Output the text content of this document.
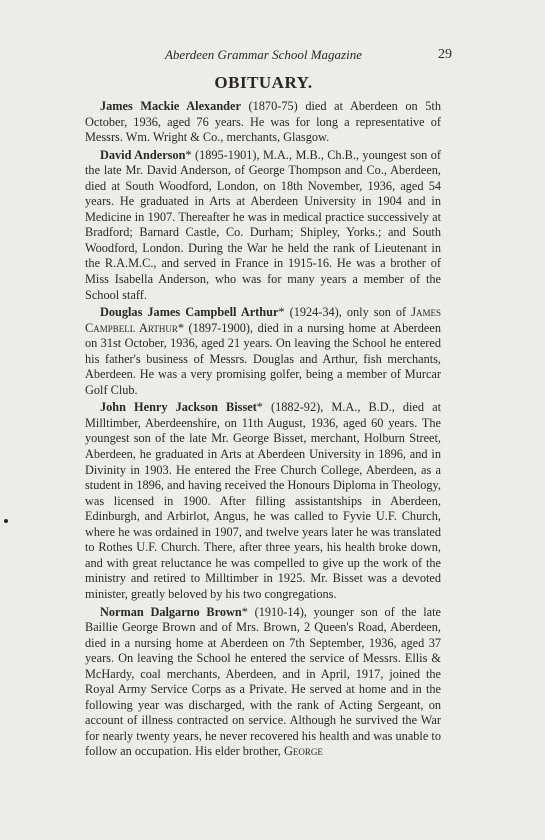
Aberdeen Grammar School Magazine	29
OBITUARY.

James Mackie Alexander (1870-75) died at Aberdeen on 5th October, 1936, aged 76 years. He was for long a representative of Messrs. Wm. Wright & Co., merchants, Glasgow.

David Anderson* (1895-1901), M.A., M.B., Ch.B., youngest son of the late Mr. David Anderson, of George Thompson and Co., Aberdeen, died at South Woodford, London, on 18th November, 1936, aged 54 years. He graduated in Arts at Aberdeen University in 1904 and in Medicine in 1907. Thereafter he was in medical practice successively at Bradford; Barnard Castle, Co. Durham; Shipley, Yorks.; and South Woodford, London. During the War he held the rank of Lieutenant in the R.A.M.C., and served in France in 1915-16. He was a brother of Miss Isabella Anderson, who was for many years a member of the School staff.

Douglas James Campbell Arthur* (1924-34), only son of James Campbell Arthur* (1897-1900), died in a nursing home at Aberdeen on 31st October, 1936, aged 21 years. On leaving the School he entered his father's business of Messrs. Douglas and Arthur, fish merchants, Aberdeen. He was a very promising golfer, being a member of Murcar Golf Club.

John Henry Jackson Bisset* (1882-92), M.A., B.D., died at Milltimber, Aberdeenshire, on 11th August, 1936, aged 60 years. The youngest son of the late Mr. George Bisset, merchant, Holburn Street, Aberdeen, he graduated in Arts at Aberdeen University in 1896, and in Divinity in 1903. He entered the Free Church College, Aberdeen, as a student in 1896, and having received the Honours Diploma in Theology, was licensed in 1900. After filling assistantships in Aberdeen, Edinburgh, and Arbirlot, Angus, he was called to Fyvie U.F. Church, where he was ordained in 1907, and twelve years later he was translated to Rothes U.F. Church. There, after three years, his health broke down, and with great reluctance he was compelled to give up the work of the ministry and retired to Milltimber in 1925. Mr. Bisset was a devoted minister, greatly beloved by his two congregations.

Norman Dalgarno Brown* (1910-14), younger son of the late Baillie George Brown and of Mrs. Brown, 2 Queen's Road, Aberdeen, died in a nursing home at Aberdeen on 7th September, 1936, aged 37 years. On leaving the School he entered the service of Messrs. Ellis & McHardy, coal merchants, Aberdeen, and in April, 1917, joined the Royal Army Service Corps as a Private. He served at home and in the following year was discharged, with the rank of Acting Sergeant, on account of illness contracted on service. Although he survived the War for nearly twenty years, he never recovered his health and was unable to follow an occupation. His elder brother, George
